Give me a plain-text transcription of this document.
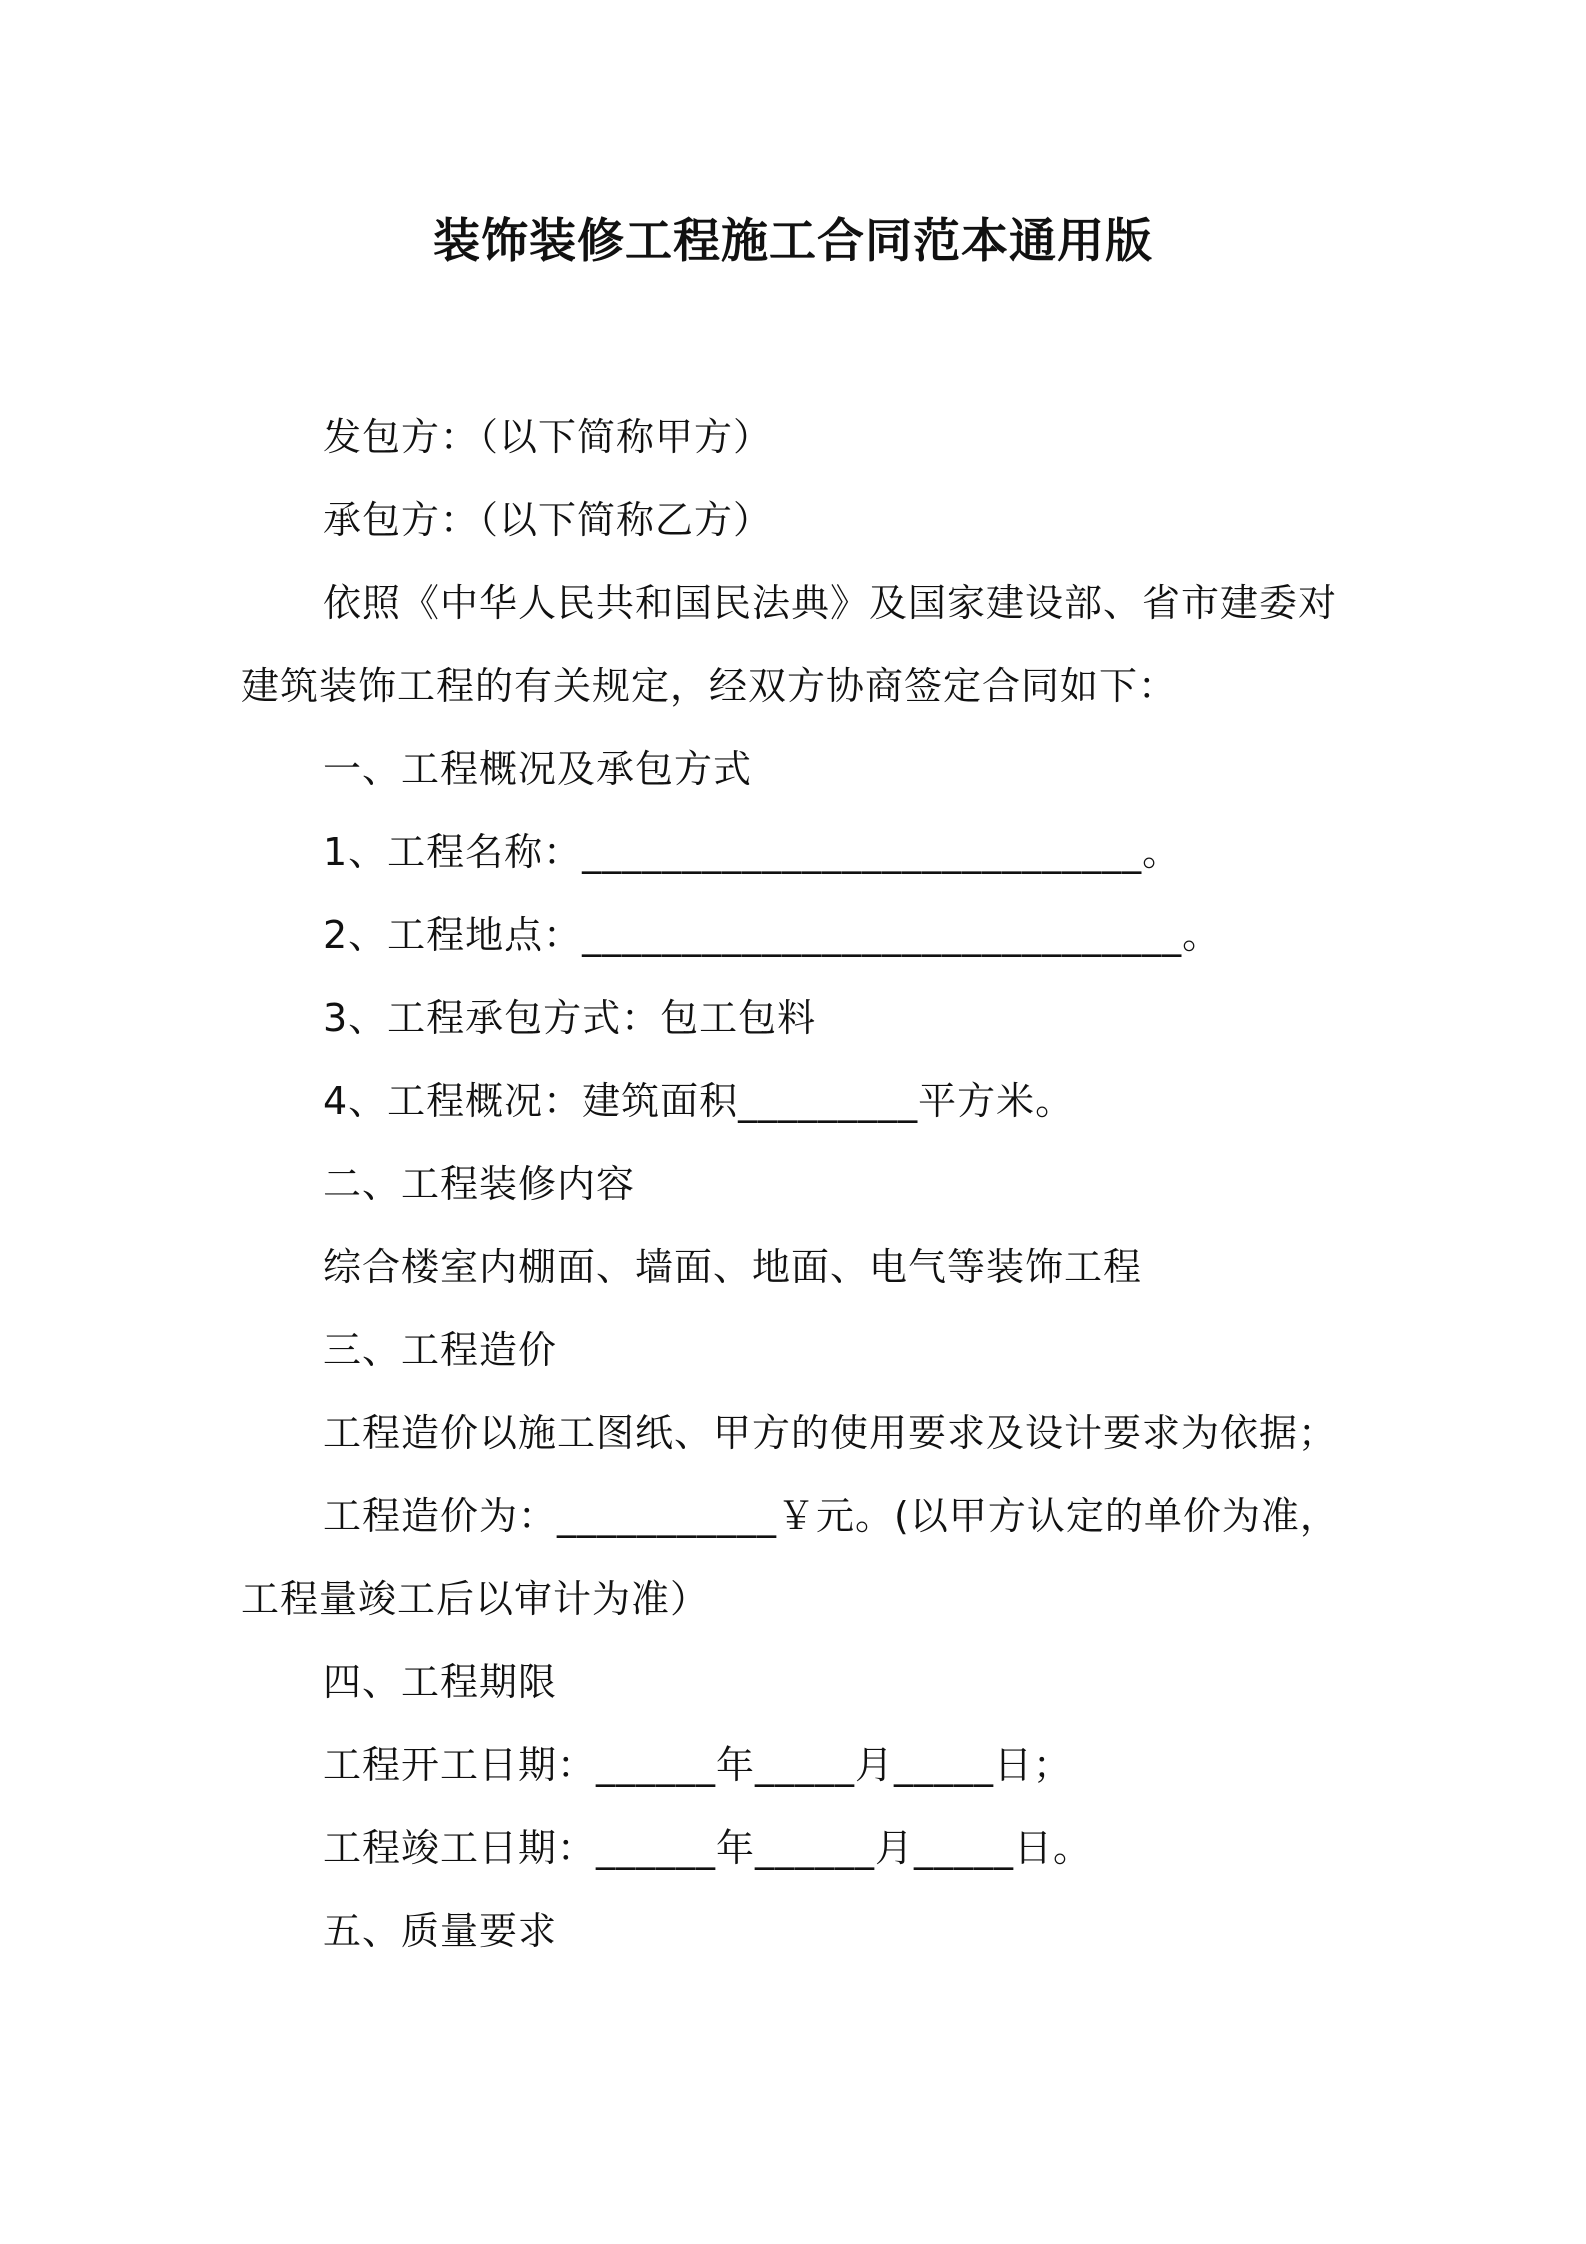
装饰装修工程施工合同范本通用版
发包方：（以下简称甲方）
承包方：（以下简称乙方）
依照《中华人民共和国民法典》及国家建设部、省市建委对
建筑装饰工程的有关规定，经双方协商签定合同如下：
一、工程概况及承包方式
1、工程名称：____________________________。
2、工程地点：______________________________。
3、工程承包方式：包工包料
4、工程概况：建筑面积_________平方米。
二、工程装修内容
综合楼室内棚面、墙面、地面、电气等装饰工程
三、工程造价
工程造价以施工图纸、甲方的使用要求及设计要求为依据；
工程造价为：___________￥元。(以甲方认定的单价为准，
工程量竣工后以审计为准）
四、工程期限
工程开工日期：______年_____月_____日；
工程竣工日期：______年______月_____日。
五、质量要求
